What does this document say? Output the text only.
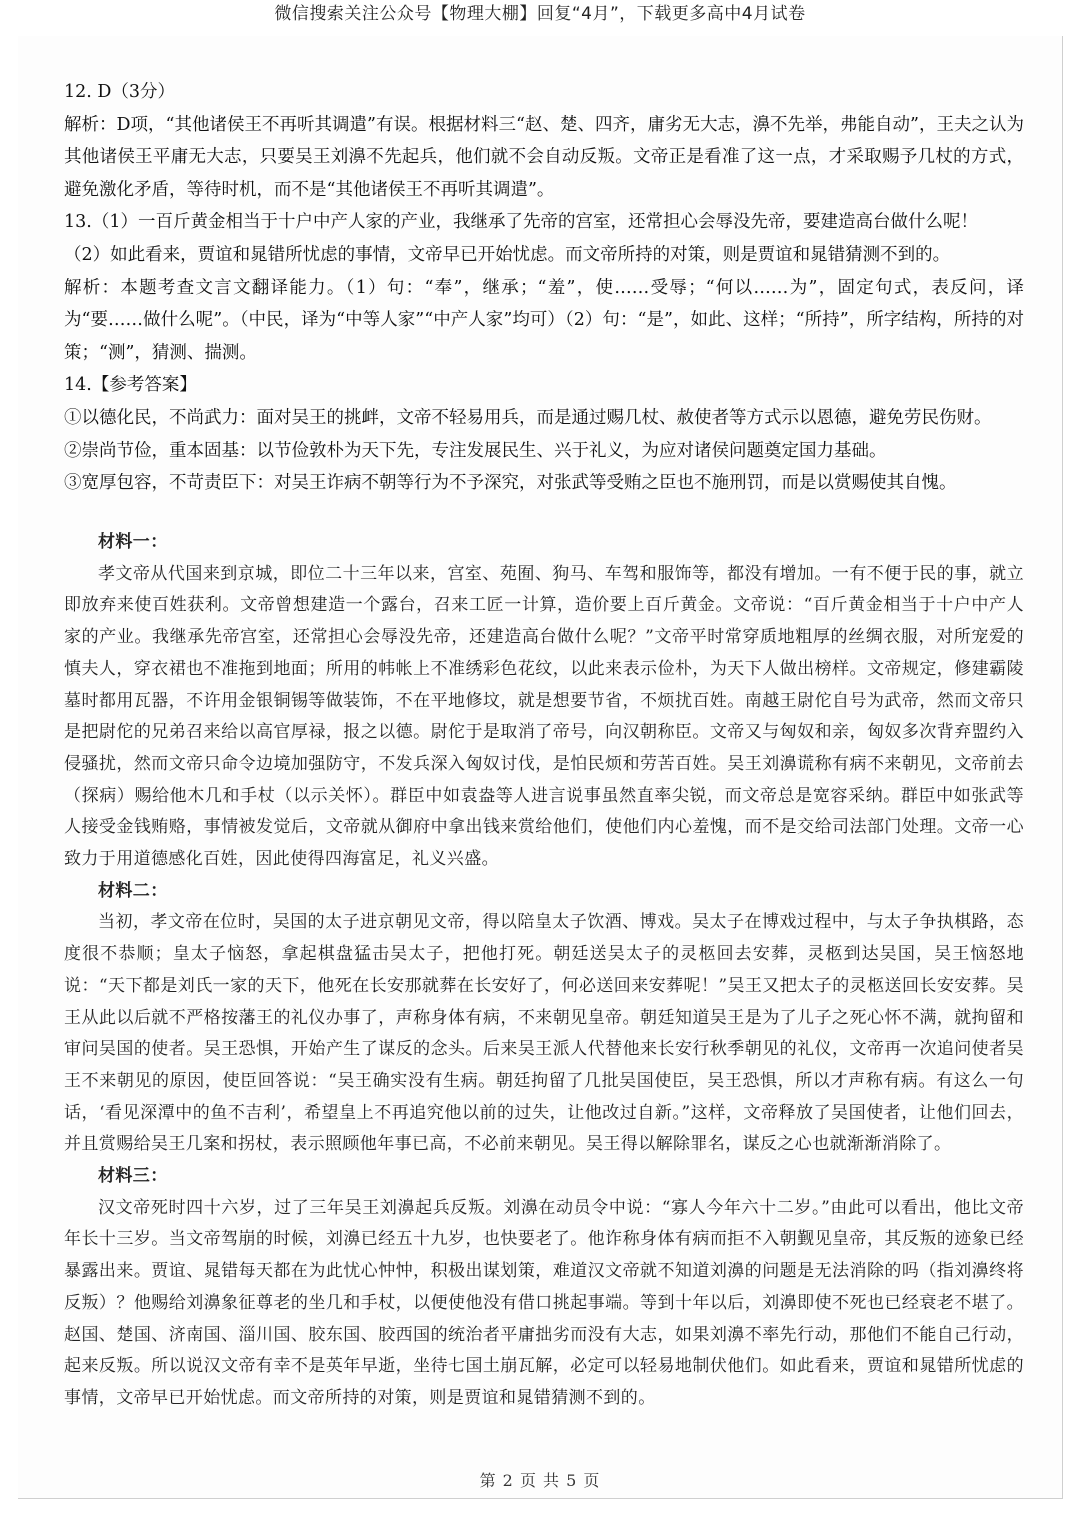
微信搜索关注公众号【物理大棚】回复“4月”，下载更多高中4月试卷

12. D（3分）

解析：D项，“其他诸侯王不再听其调遣”有误。根据材料三“赵、楚、四齐，庸劣无大志，濞不先举，弗能自动”，王夫之认为其他诸侯王平庸无大志，只要吴王刘濞不先起兵，他们就不会自动反叛。文帝正是看准了这一点，才采取赐予几杖的方式，避免激化矛盾，等待时机，而不是“其他诸侯王不再听其调遣”。

13.（1）一百斤黄金相当于十户中产人家的产业，我继承了先帝的宫室，还常担心会辱没先帝，要建造高台做什么呢！

（2）如此看来，贾谊和晁错所忧虑的事情，文帝早已开始忧虑。而文帝所持的对策，则是贾谊和晁错猜测不到的。

解析：本题考查文言文翻译能力。（1）句：“奉”，继承；“羞”，使……受辱；“何以……为”，固定句式，表反问，译为“要……做什么呢”。（中民，译为“中等人家”“中产人家”均可）（2）句：“是”，如此、这样；“所持”，所字结构，所持的对策；“测”，猜测、揣测。

14.【参考答案】

①以德化民，不尚武力：面对吴王的挑衅，文帝不轻易用兵，而是通过赐几杖、赦使者等方式示以恩德，避免劳民伤财。

②崇尚节俭，重本固基：以节俭敦朴为天下先，专注发展民生、兴于礼义，为应对诸侯问题奠定国力基础。

③宽厚包容，不苛责臣下：对吴王诈病不朝等行为不予深究，对张武等受贿之臣也不施刑罚，而是以赏赐使其自愧。

材料一：

孝文帝从代国来到京城，即位二十三年以来，宫室、苑囿、狗马、车驾和服饰等，都没有增加。一有不便于民的事，就立即放弃来使百姓获利。文帝曾想建造一个露台，召来工匠一计算，造价要上百斤黄金。文帝说：“百斤黄金相当于十户中产人家的产业。我继承先帝宫室，还常担心会辱没先帝，还建造高台做什么呢？”文帝平时常穿质地粗厚的丝绸衣服，对所宠爱的慎夫人，穿衣裙也不准拖到地面；所用的帏帐上不准绣彩色花纹，以此来表示俭朴，为天下人做出榜样。文帝规定，修建霸陵墓时都用瓦器，不许用金银铜锡等做装饰，不在平地修坟，就是想要节省，不烦扰百姓。南越王尉佗自号为武帝，然而文帝只是把尉佗的兄弟召来给以高官厚禄，报之以德。尉佗于是取消了帝号，向汉朝称臣。文帝又与匈奴和亲，匈奴多次背弃盟约入侵骚扰，然而文帝只命令边境加强防守，不发兵深入匈奴讨伐，是怕民烦和劳苦百姓。吴王刘濞谎称有病不来朝见，文帝前去（探病）赐给他木几和手杖（以示关怀）。群臣中如袁盎等人进言说事虽然直率尖锐，而文帝总是宽容采纳。群臣中如张武等人接受金钱贿赂，事情被发觉后，文帝就从御府中拿出钱来赏给他们，使他们内心羞愧，而不是交给司法部门处理。文帝一心致力于用道德感化百姓，因此使得四海富足，礼义兴盛。

材料二：

当初，孝文帝在位时，吴国的太子进京朝见文帝，得以陪皇太子饮酒、博戏。吴太子在博戏过程中，与太子争执棋路，态度很不恭顺；皇太子恼怒，拿起棋盘猛击吴太子，把他打死。朝廷送吴太子的灵柩回去安葬，灵柩到达吴国，吴王恼怒地说：“天下都是刘氏一家的天下，他死在长安那就葬在长安好了，何必送回来安葬呢！”吴王又把太子的灵柩送回长安安葬。吴王从此以后就不严格按藩王的礼仪办事了，声称身体有病，不来朝见皇帝。朝廷知道吴王是为了儿子之死心怀不满，就拘留和审问吴国的使者。吴王恐惧，开始产生了谋反的念头。后来吴王派人代替他来长安行秋季朝见的礼仪，文帝再一次追问使者吴王不来朝见的原因，使臣回答说：“吴王确实没有生病。朝廷拘留了几批吴国使臣，吴王恐惧，所以才声称有病。有这么一句话，‘看见深潭中的鱼不吉利’，希望皇上不再追究他以前的过失，让他改过自新。”这样，文帝释放了吴国使者，让他们回去，并且赏赐给吴王几案和拐杖，表示照顾他年事已高，不必前来朝见。吴王得以解除罪名，谋反之心也就渐渐消除了。

材料三：

汉文帝死时四十六岁，过了三年吴王刘濞起兵反叛。刘濞在动员令中说：“寡人今年六十二岁。”由此可以看出，他比文帝年长十三岁。当文帝驾崩的时候，刘濞已经五十九岁，也快要老了。他诈称身体有病而拒不入朝觐见皇帝，其反叛的迹象已经暴露出来。贾谊、晁错每天都在为此忧心忡忡，积极出谋划策，难道汉文帝就不知道刘濞的问题是无法消除的吗（指刘濞终将反叛）？他赐给刘濞象征尊老的坐几和手杖，以便使他没有借口挑起事端。等到十年以后，刘濞即使不死也已经衰老不堪了。赵国、楚国、济南国、淄川国、胶东国、胶西国的统治者平庸拙劣而没有大志，如果刘濞不率先行动，那他们不能自己行动，起来反叛。所以说汉文帝有幸不是英年早逝，坐待七国土崩瓦解，必定可以轻易地制伏他们。如此看来，贾谊和晁错所忧虑的事情，文帝早已开始忧虑。而文帝所持的对策，则是贾谊和晁错猜测不到的。

第 2 页 共 5 页
